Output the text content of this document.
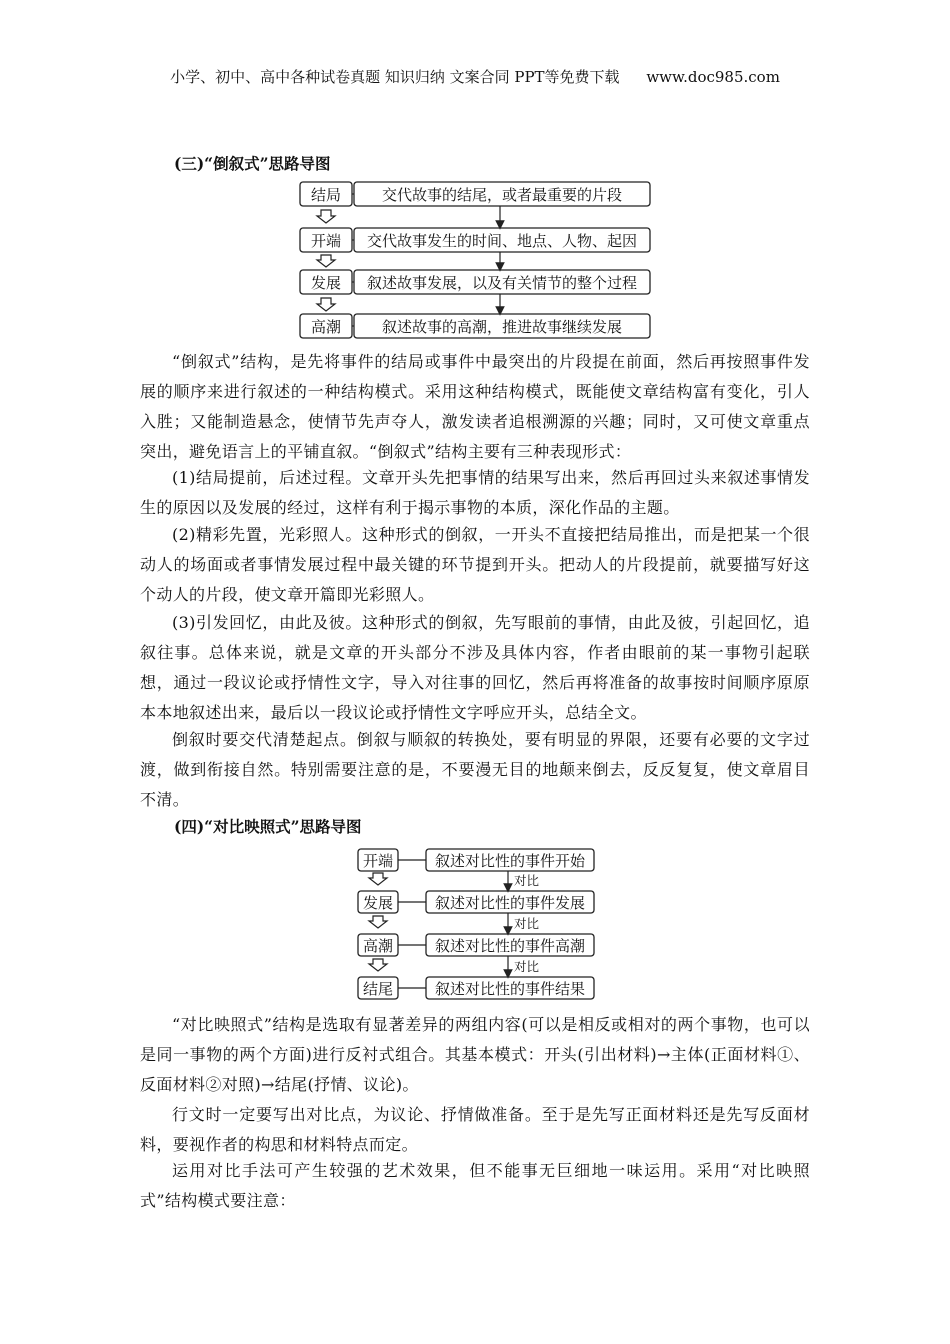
小学、初中、高中各种试卷真题 知识归纳 文案合同 PPT等免费下载 www.doc985.com
(三)“倒叙式”思路导图
结局
开端
发展
高潮
交代故事的结尾，或者最重要的片段
交代故事发生的时间、地点、人物、起因
叙述故事发展，以及有关情节的整个过程
叙述故事的高潮，推进故事继续发展
“倒叙式”结构，是先将事件的结局或事件中最突出的片段提在前面，然后再按照事件发展的顺序来进行叙述的一种结构模式。采用这种结构模式，既能使文章结构富有变化，引人入胜；又能制造悬念，使情节先声夺人，激发读者追根溯源的兴趣；同时，又可使文章重点突出，避免语言上的平铺直叙。“倒叙式”结构主要有三种表现形式：
(1)结局提前，后述过程。文章开头先把事情的结果写出来，然后再回过头来叙述事情发生的原因以及发展的经过，这样有利于揭示事物的本质，深化作品的主题。
(2)精彩先置，光彩照人。这种形式的倒叙，一开头不直接把结局推出，而是把某一个很动人的场面或者事情发展过程中最关键的环节提到开头。把动人的片段提前，就要描写好这个动人的片段，使文章开篇即光彩照人。
(3)引发回忆，由此及彼。这种形式的倒叙，先写眼前的事情，由此及彼，引起回忆，追叙往事。总体来说，就是文章的开头部分不涉及具体内容，作者由眼前的某一事物引起联想，通过一段议论或抒情性文字，导入对往事的回忆，然后再将准备的故事按时间顺序原原本本地叙述出来，最后以一段议论或抒情性文字呼应开头，总结全文。
倒叙时要交代清楚起点。倒叙与顺叙的转换处，要有明显的界限，还要有必要的文字过渡，做到衔接自然。特别需要注意的是，不要漫无目的地颠来倒去，反反复复，使文章眉目不清。
(四)“对比映照式”思路导图
开端
发展
高潮
结尾
叙述对比性的事件开始
叙述对比性的事件发展
叙述对比性的事件高潮
叙述对比性的事件结果
对比
对比
对比
“对比映照式”结构是选取有显著差异的两组内容(可以是相反或相对的两个事物，也可以是同一事物的两个方面)进行反衬式组合。其基本模式：开头(引出材料)→主体(正面材料①、反面材料②对照)→结尾(抒情、议论)。
行文时一定要写出对比点，为议论、抒情做准备。至于是先写正面材料还是先写反面材料，要视作者的构思和材料特点而定。
运用对比手法可产生较强的艺术效果，但不能事无巨细地一味运用。采用“对比映照式”结构模式要注意：
